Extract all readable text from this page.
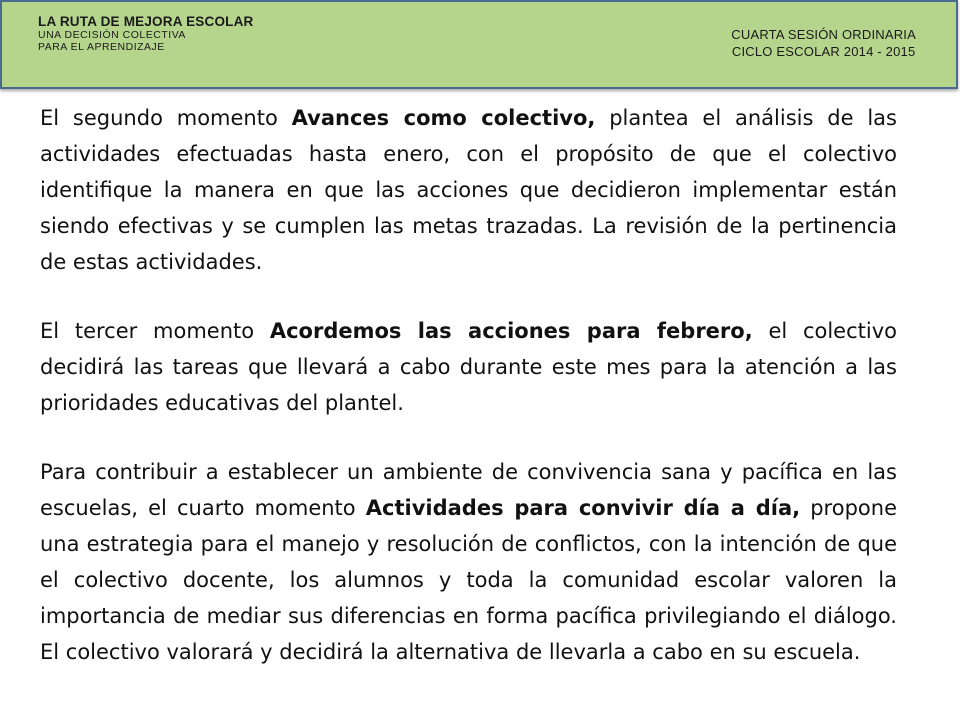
LA RUTA DE MEJORA ESCOLAR
UNA DECISIÓN COLECTIVA
PARA EL APRENDIZAJE
CUARTA SESIÓN ORDINARIA
CICLO ESCOLAR 2014 - 2015

El segundo momento Avances como colectivo, plantea el análisis de las actividades efectuadas hasta enero, con el propósito de que el colectivo identifique la manera en que las acciones que decidieron implementar están siendo efectivas y se cumplen las metas trazadas. La revisión de la pertinencia de estas actividades.

El tercer momento Acordemos las acciones para febrero, el colectivo decidirá las tareas que llevará a cabo durante este mes para la atención a las prioridades educativas del plantel.

Para contribuir a establecer un ambiente de convivencia sana y pacífica en las escuelas, el cuarto momento Actividades para convivir día a día, propone una estrategia para el manejo y resolución de conflictos, con la intención de que el colectivo docente, los alumnos y toda la comunidad escolar valoren la importancia de mediar sus diferencias en forma pacífica privilegiando el diálogo. El colectivo valorará y decidirá la alternativa de llevarla a cabo en su escuela.
